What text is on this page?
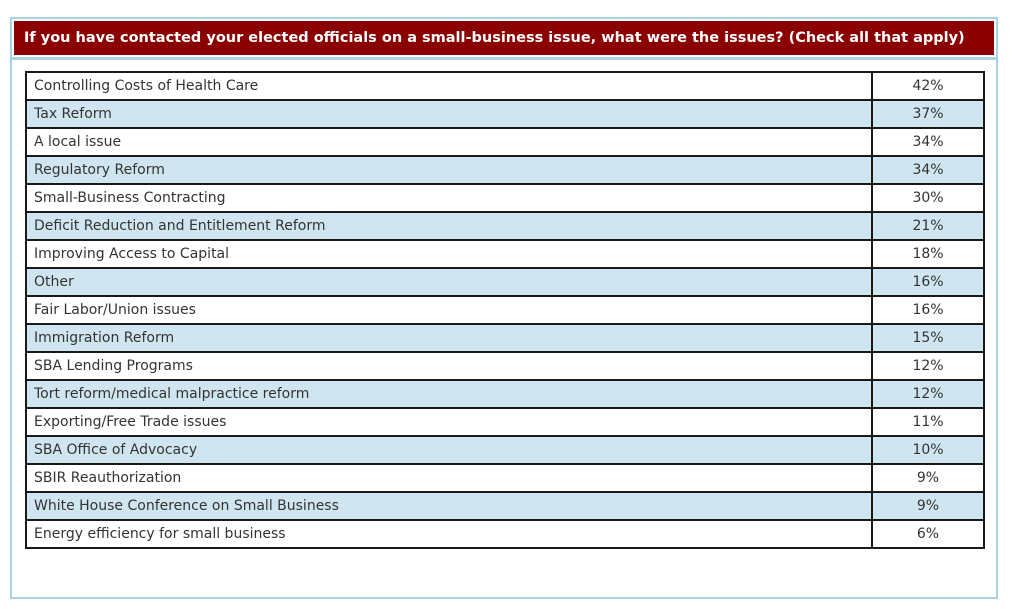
If you have contacted your elected officials on a small-business issue, what were the issues? (Check all that apply)
Controlling Costs of Health Care	42%
Tax Reform	37%
A local issue	34%
Regulatory Reform	34%
Small-Business Contracting	30%
Deficit Reduction and Entitlement Reform	21%
Improving Access to Capital	18%
Other	16%
Fair Labor/Union issues	16%
Immigration Reform	15%
SBA Lending Programs	12%
Tort reform/medical malpractice reform	12%
Exporting/Free Trade issues	11%
SBA Office of Advocacy	10%
SBIR Reauthorization	9%
White House Conference on Small Business	9%
Energy efficiency for small business	6%
